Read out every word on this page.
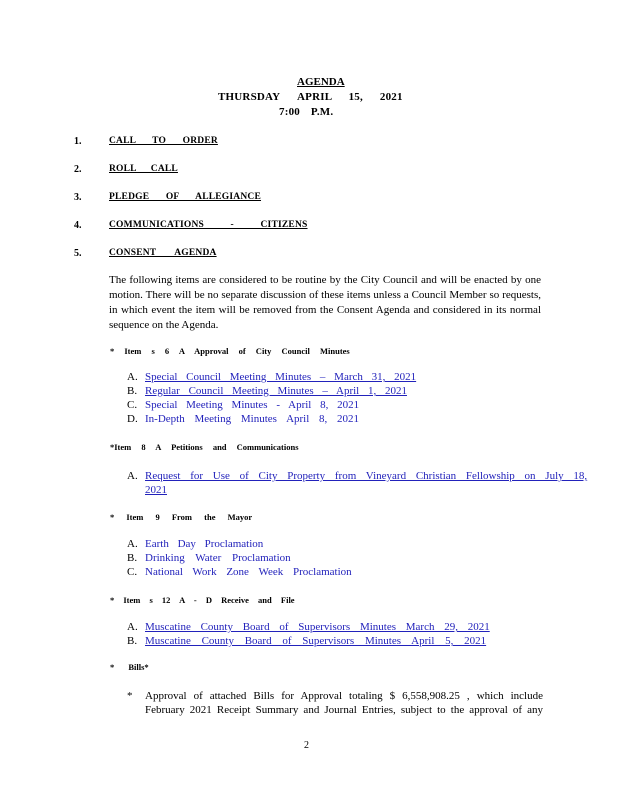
AGENDA
THURSDAY APRIL 15, 2021
7:00 P.M.
1.	CALL TO ORDER
2.	ROLL CALL
3.	PLEDGE OF ALLEGIANCE
4.	COMMUNICATIONS - CITIZENS
5.	CONSENT AGENDA
The following items are considered to be routine by the City Council and will be enacted by one motion. There will be no separate discussion of these items unless a Council Member so requests, in which event the item will be removed from the Consent Agenda and considered in its normal sequence on the Agenda.
* Item s 6 A Approval of City Council Minutes
A. Special Council Meeting Minutes – March 31, 2021
B. Regular Council Meeting Minutes – April 1, 2021
C. Special Meeting Minutes - April 8, 2021
D. In-Depth Meeting Minutes April 8, 2021
*Item 8 A Petitions and Communications
A. Request for Use of City Property from Vineyard Christian Fellowship on July 18,
2021
* Item 9 From the Mayor
A. Earth Day Proclamation
B. Drinking Water Proclamation
C. National Work Zone Week Proclamation
* Item s 12 A - D Receive and File
A. Muscatine County Board of Supervisors Minutes March 29, 2021
B. Muscatine County Board of Supervisors Minutes April 5, 2021
* Bills*
* Approval of attached Bills for Approval totaling $ 6,558,908.25 , which include
February 2021 Receipt Summary and Journal Entries, subject to the approval of any
2
